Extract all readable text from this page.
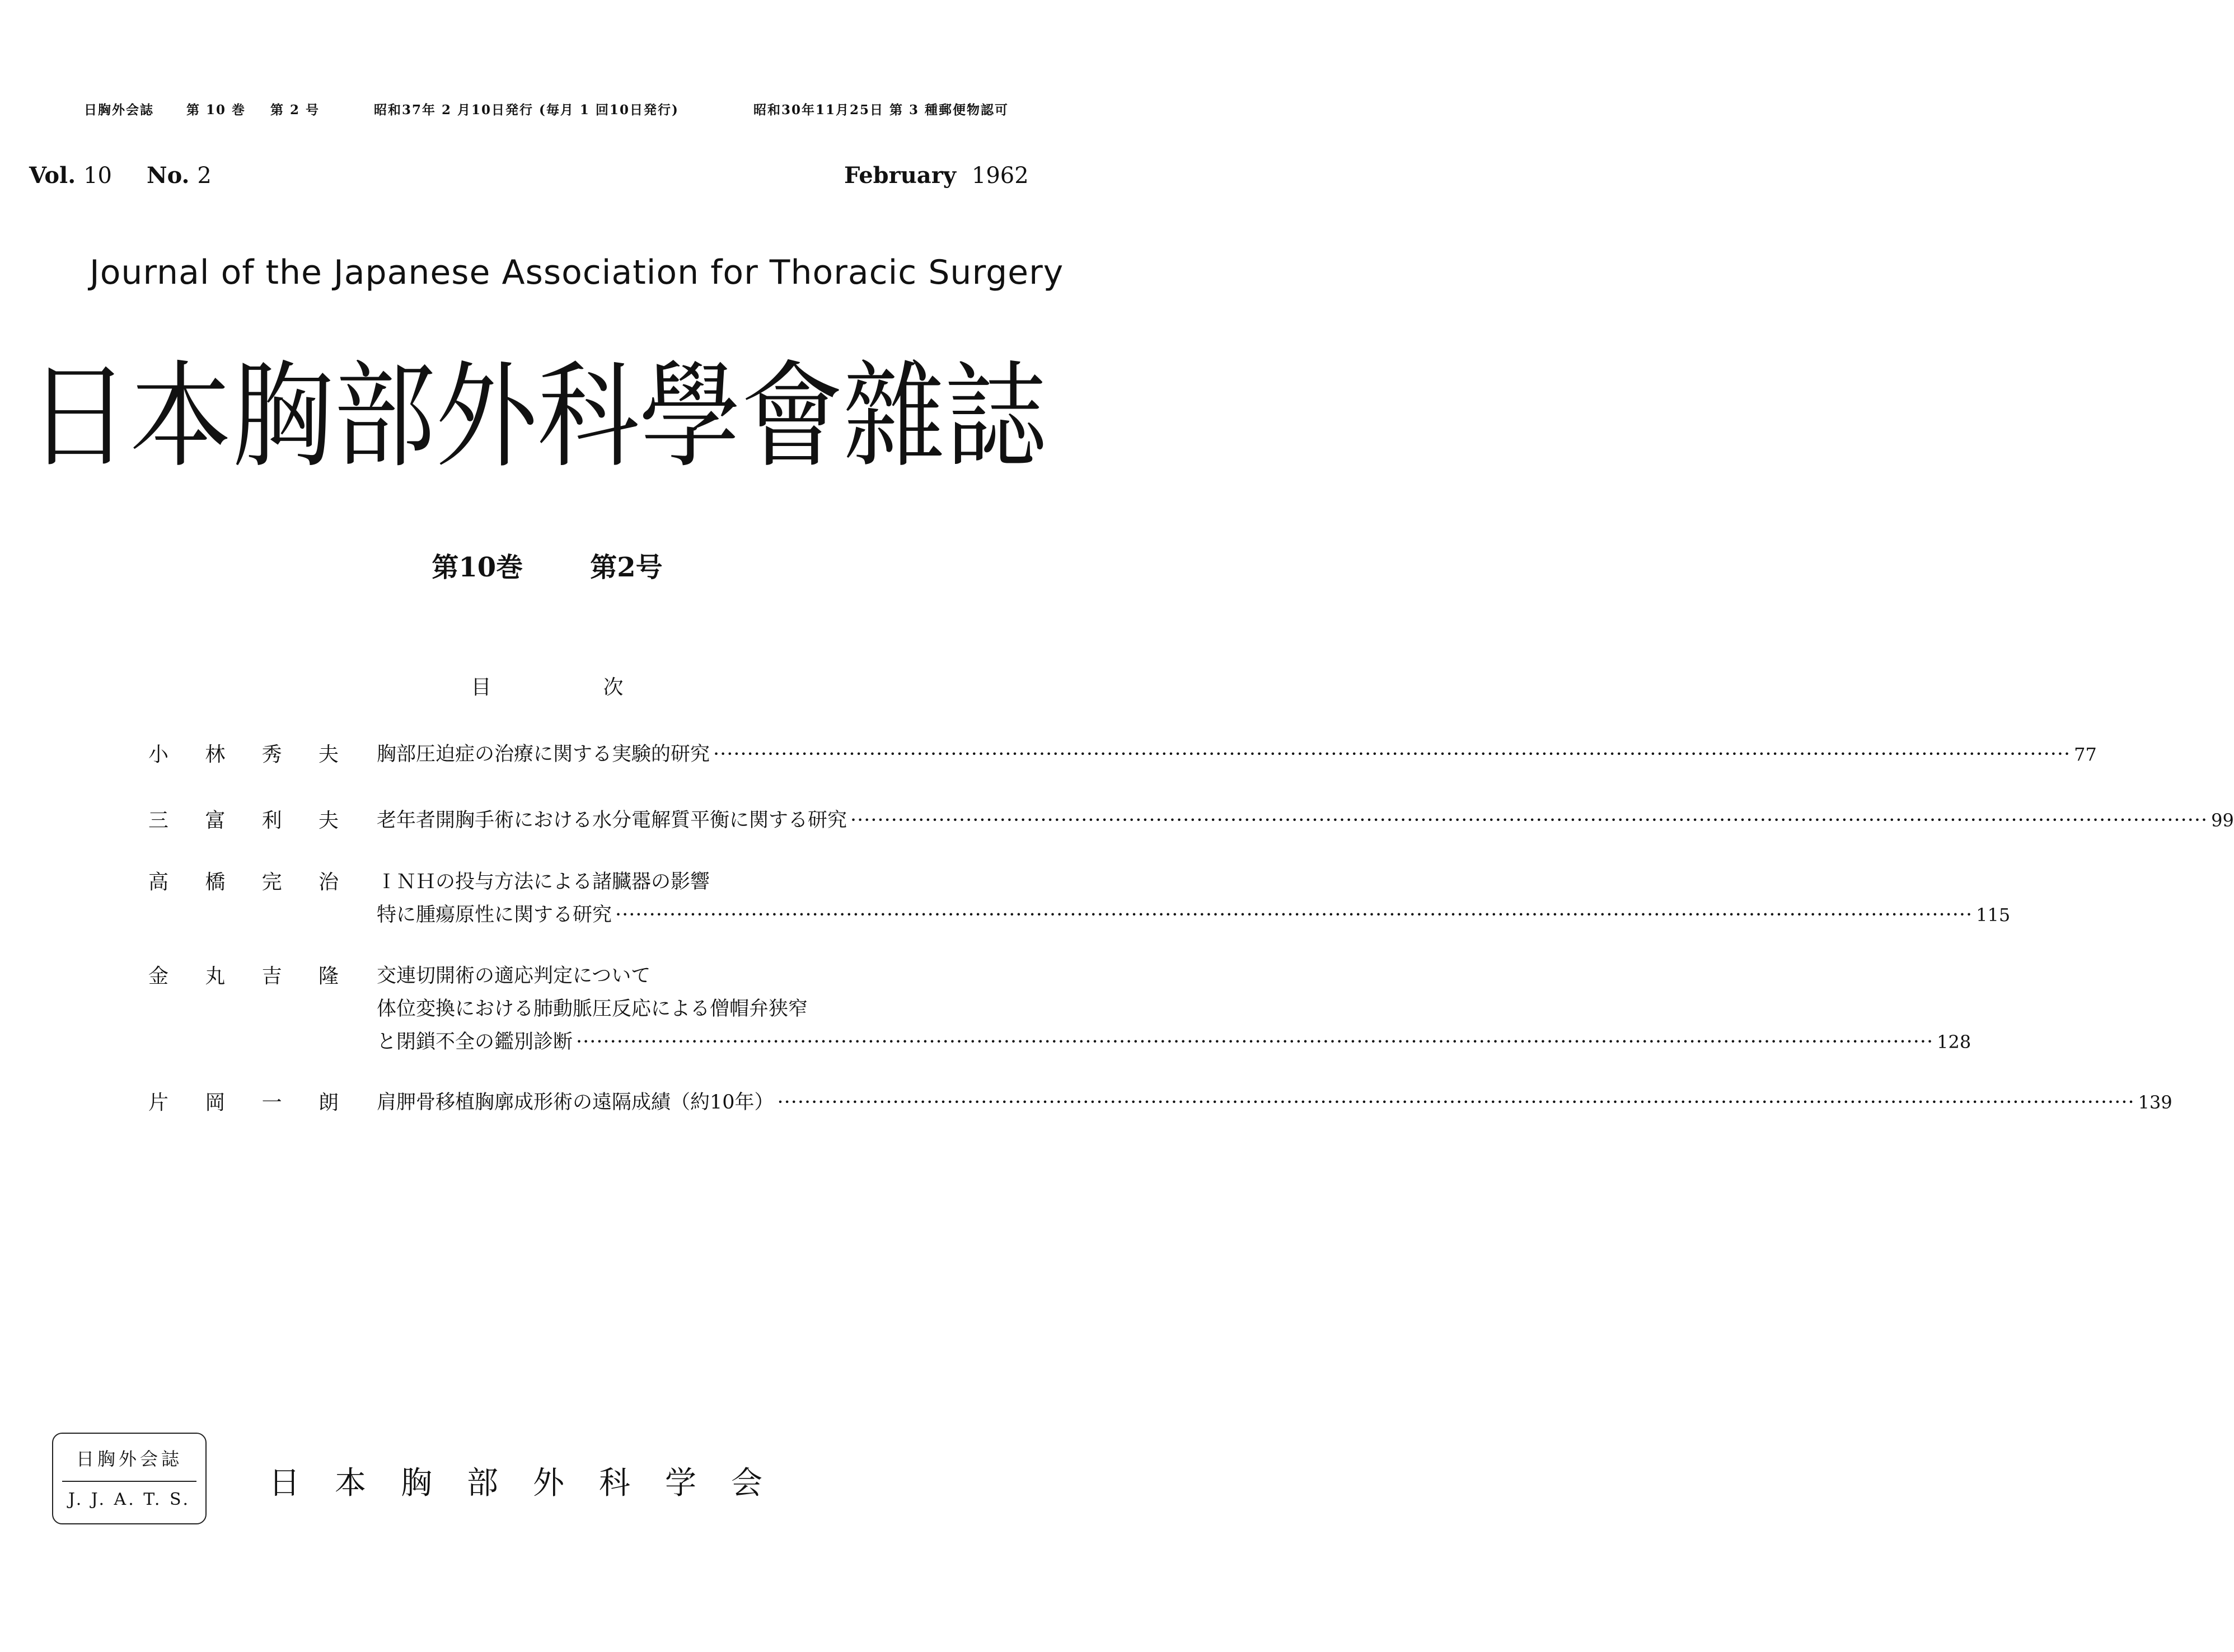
日胸外会誌	第 10 巻 第 2 号	昭和37年 2 月10日発行 (毎月 1 回10日発行)	昭和30年11月25日 第 3 種郵便物認可
Vol. 10 No. 2	February 1962
Journal of the Japanese Association for Thoracic Surgery
日本胸部外科學會雜誌
第10巻	第2号
目次
小 林 秀 夫 胸部圧迫症の治療に関する実験的研究 ········································································································································································································ 77
三 富 利 夫 老年者開胸手術における水分電解質平衡に関する研究 ········································································································································································································ 99
高 橋 完 治 ＩＮＨの投与方法による諸臓器の影響
特に腫瘍原性に関する研究 ········································································································································································································ 115
金 丸 吉 隆 交連切開術の適応判定について
体位変換における肺動脈圧反応による僧帽弁狭窄
と閉鎖不全の鑑別診断 ········································································································································································································ 128
片 岡 一 朗 肩胛骨移植胸廓成形術の遠隔成績（約10年） ········································································································································································································ 139
日胸外会誌
J. J. A. T. S.	日本胸部外科学会
